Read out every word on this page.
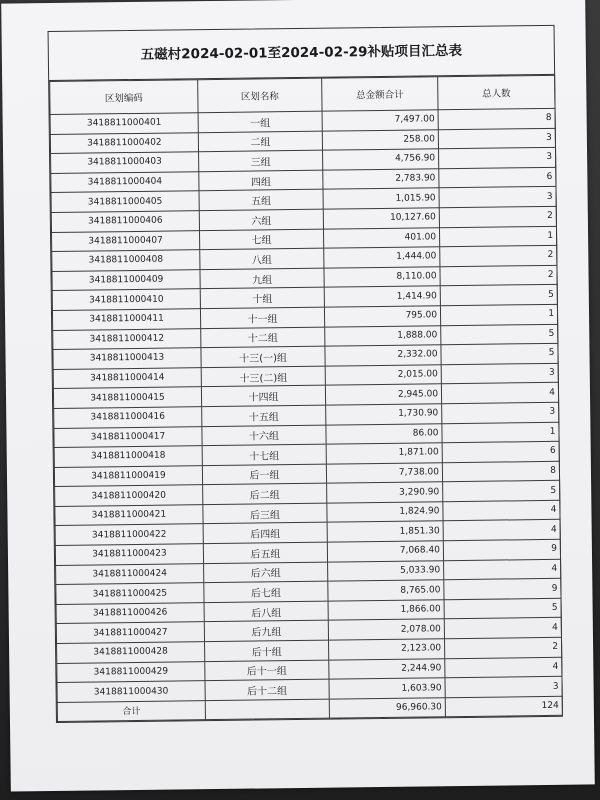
五磁村2024-02-01至2024-02-29补贴项目汇总表
区划编码	区划名称	总金额合计	总人数
3418811000401	一组	7,497.00	8
3418811000402	二组	258.00	3
3418811000403	三组	4,756.90	3
3418811000404	四组	2,783.90	6
3418811000405	五组	1,015.90	3
3418811000406	六组	10,127.60	2
3418811000407	七组	401.00	1
3418811000408	八组	1,444.00	2
3418811000409	九组	8,110.00	2
3418811000410	十组	1,414.90	5
3418811000411	十一组	795.00	1
3418811000412	十二组	1,888.00	5
3418811000413	十三(一)组	2,332.00	5
3418811000414	十三(二)组	2,015.00	3
3418811000415	十四组	2,945.00	4
3418811000416	十五组	1,730.90	3
3418811000417	十六组	86.00	1
3418811000418	十七组	1,871.00	6
3418811000419	后一组	7,738.00	8
3418811000420	后二组	3,290.90	5
3418811000421	后三组	1,824.90	4
3418811000422	后四组	1,851.30	4
3418811000423	后五组	7,068.40	9
3418811000424	后六组	5,033.90	4
3418811000425	后七组	8,765.00	9
3418811000426	后八组	1,866.00	5
3418811000427	后九组	2,078.00	4
3418811000428	后十组	2,123.00	2
3418811000429	后十一组	2,244.90	4
3418811000430	后十二组	1,603.90	3
合计		96,960.30	124
